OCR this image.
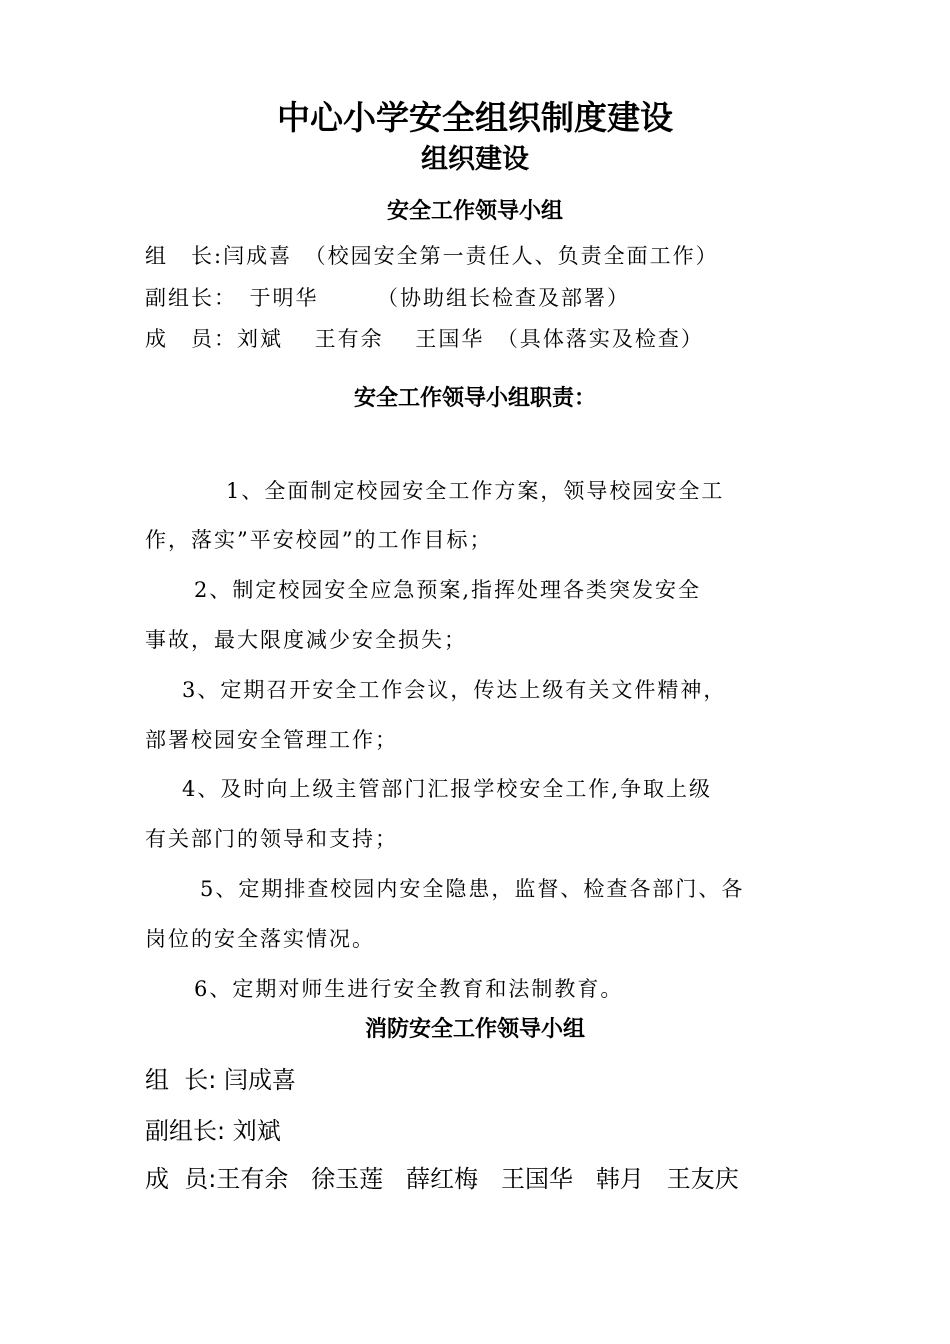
中心小学安全组织制度建设
组织建设
安全工作领导小组
组　长:闫成喜　（校园安全第一责任人、负责全面工作）
副组长：　于明华　　　（协助组长检查及部署）
成　员：刘斌　 王有余　 王国华　（具体落实及检查）
安全工作领导小组职责：
1、全面制定校园安全工作方案，领导校园安全工
作，落实”平安校园”的工作目标；
2、制定校园安全应急预案,指挥处理各类突发安全
事故，最大限度减少安全损失；
3、定期召开安全工作会议，传达上级有关文件精神，
部署校园安全管理工作；
4、及时向上级主管部门汇报学校安全工作,争取上级
有关部门的领导和支持；
5、定期排查校园内安全隐患，监督、检查各部门、各
岗位的安全落实情况。
6、定期对师生进行安全教育和法制教育。
消防安全工作领导小组
组  长: 闫成喜
副组长: 刘斌
成  员:王有余   徐玉莲   薛红梅   王国华   韩月   王友庆
